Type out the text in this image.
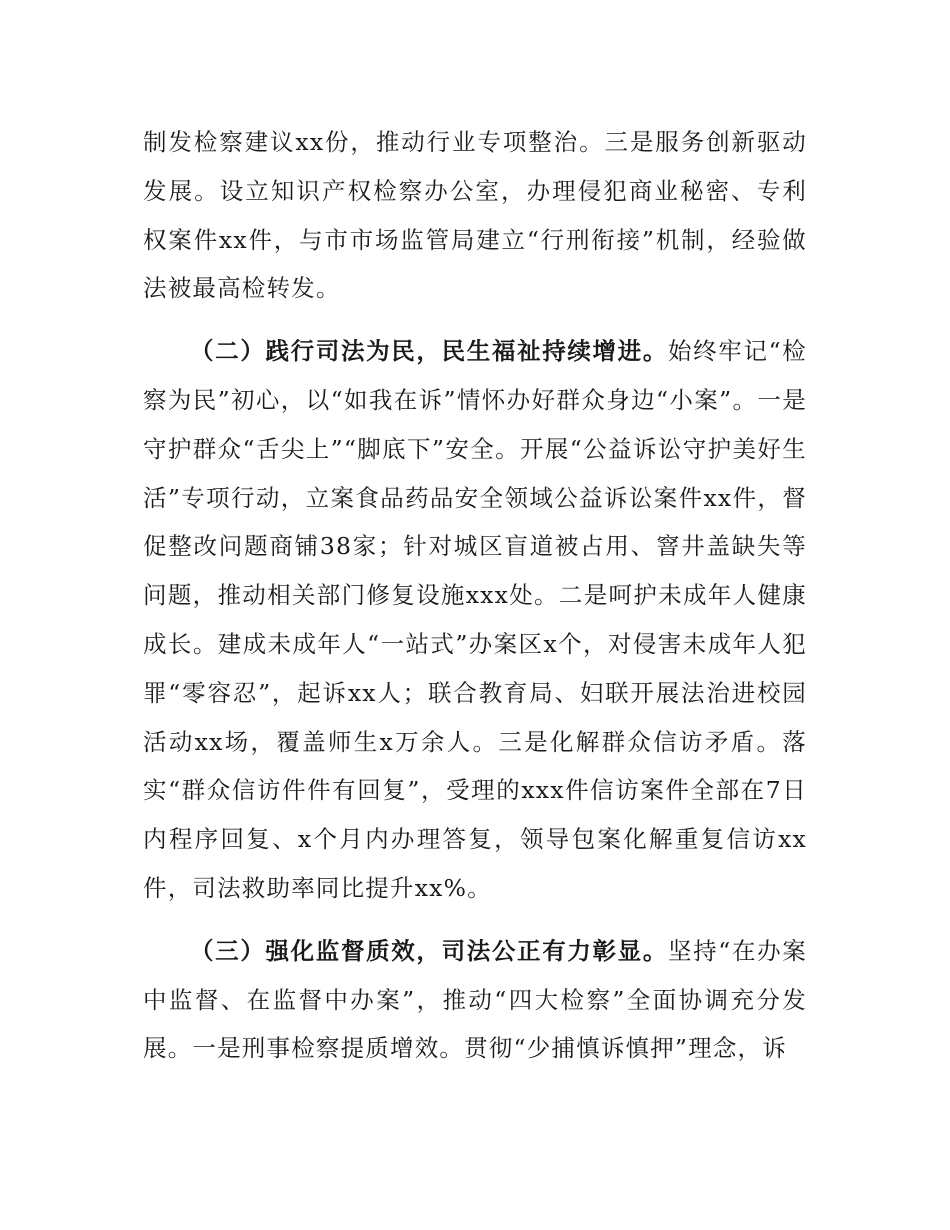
制发检察建议xx份，推动行业专项整治。三是服务创新驱动发展。设立知识产权检察办公室，办理侵犯商业秘密、专利权案件xx件，与市市场监管局建立“行刑衔接”机制，经验做法被最高检转发。

（二）践行司法为民，民生福祉持续增进。始终牢记“检察为民”初心，以“如我在诉”情怀办好群众身边“小案”。一是守护群众“舌尖上”“脚底下”安全。开展“公益诉讼守护美好生活”专项行动，立案食品药品安全领域公益诉讼案件xx件，督促整改问题商铺38家；针对城区盲道被占用、窨井盖缺失等问题，推动相关部门修复设施xxx处。二是呵护未成年人健康成长。建成未成年人“一站式”办案区x个，对侵害未成年人犯罪“零容忍”，起诉xx人；联合教育局、妇联开展法治进校园活动xx场，覆盖师生x万余人。三是化解群众信访矛盾。落实“群众信访件件有回复”，受理的xxx件信访案件全部在7日内程序回复、x个月内办理答复，领导包案化解重复信访xx件，司法救助率同比提升xx%。

（三）强化监督质效，司法公正有力彰显。坚持“在办案中监督、在监督中办案”，推动“四大检察”全面协调充分发展。一是刑事检察提质增效。贯彻“少捕慎诉慎押”理念，诉
